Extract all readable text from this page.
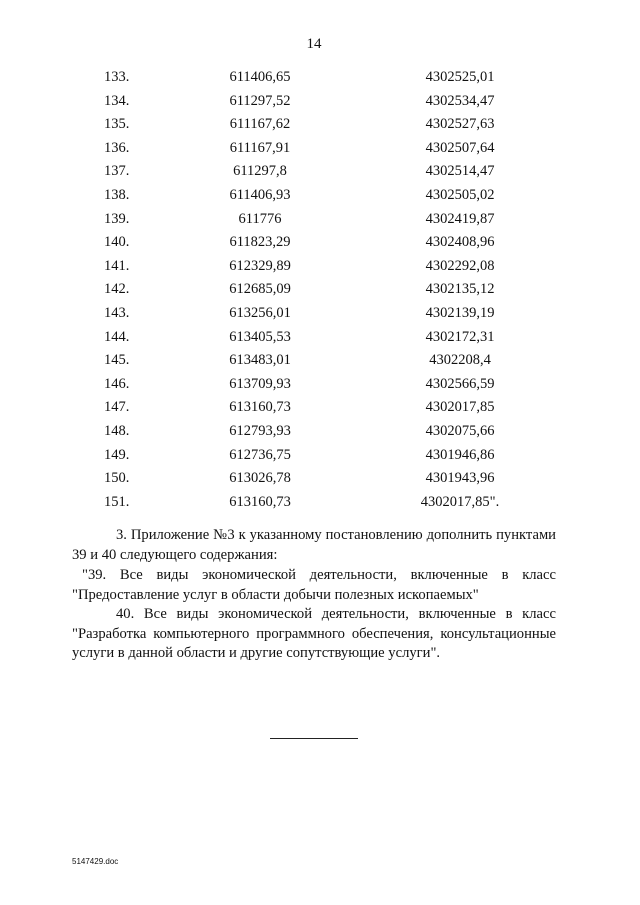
14
133.	611406,65	4302525,01
134.	611297,52	4302534,47
135.	611167,62	4302527,63
136.	611167,91	4302507,64
137.	611297,8	4302514,47
138.	611406,93	4302505,02
139.	611776	4302419,87
140.	611823,29	4302408,96
141.	612329,89	4302292,08
142.	612685,09	4302135,12
143.	613256,01	4302139,19
144.	613405,53	4302172,31
145.	613483,01	4302208,4
146.	613709,93	4302566,59
147.	613160,73	4302017,85
148.	612793,93	4302075,66
149.	612736,75	4301946,86
150.	613026,78	4301943,96
151.	613160,73	4302017,85".
3. Приложение №3 к указанному постановлению дополнить пунктами 39 и 40 следующего содержания:
"39. Все виды экономической деятельности, включенные в класс "Предоставление услуг в области добычи полезных ископаемых"
40. Все виды экономической деятельности, включенные в класс "Разработка компьютерного программного обеспечения, консультационные услуги в данной области и другие сопутствующие услуги".
5147429.doc
